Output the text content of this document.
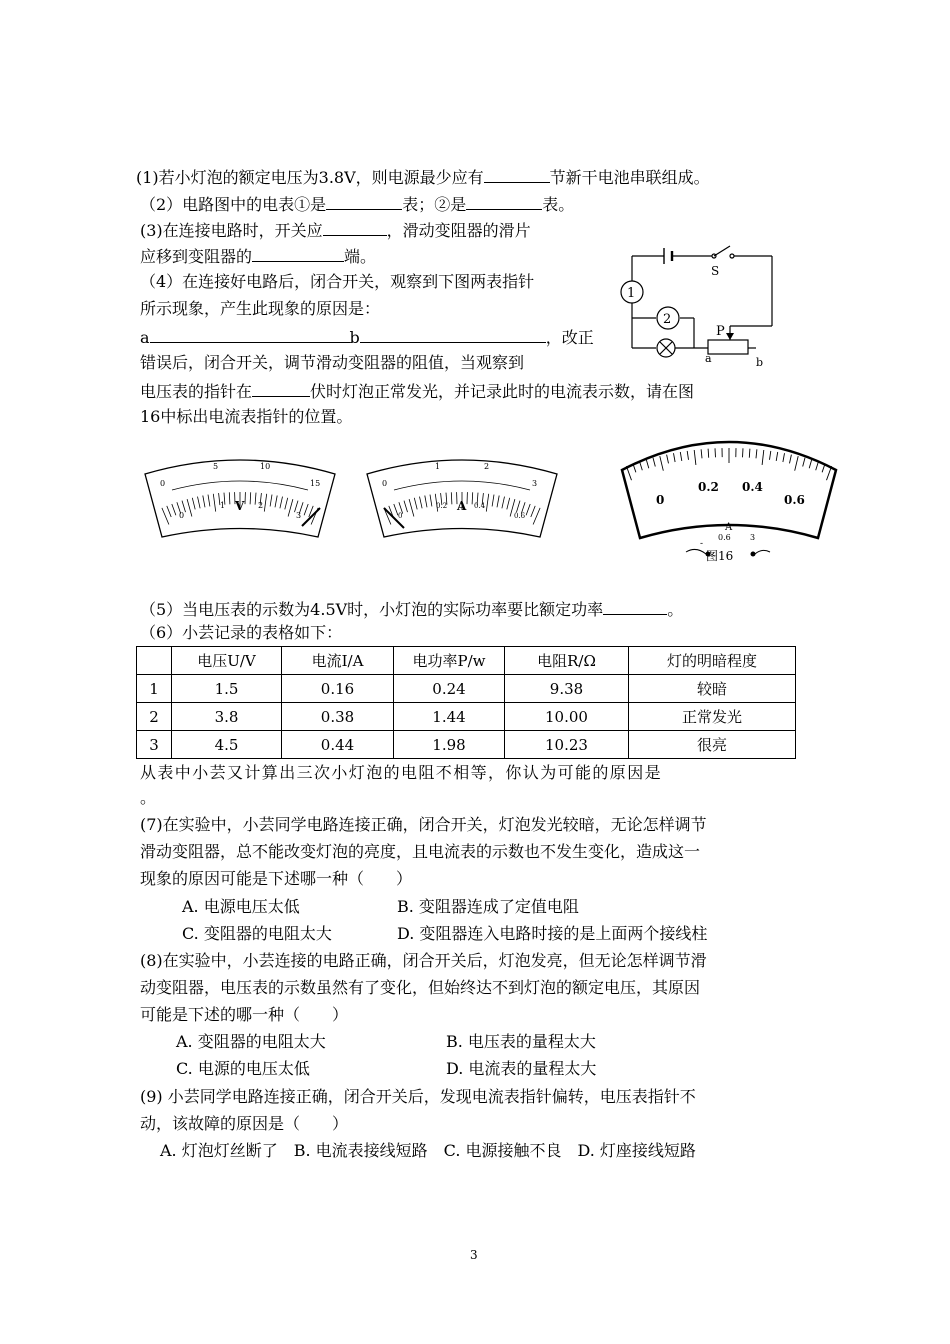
(1)若小灯泡的额定电压为3.8V，则电源最少应有	节新干电池串联组成。
（2）电路图中的电表①是	表；②是	表。
(3)在连接电路时，开关应	，滑动变阻器的滑片
应移到变阻器的	端。
（4）在连接好电路后，闭合开关，观察到下图两表指针
所示现象，产生此现象的原因是：
a	b	，改正
错误后，闭合开关，调节滑动变阻器的阻值，当观察到
电压表的指针在	伏时灯泡正常发光，并记录此时的电流表示数，请在图
16中标出电流表指针的位置。
1
2
S
P
a	b
0
5	10
15
0
1	2
3
V
0
1	2
3
0
0.2	0.4
0.6
A	0
0.2 0.4
0.6
A
-
0.6 3
图16
（5）当电压表的示数为4.5V时，小灯泡的实际功率要比额定功率	。
（6）小芸记录的表格如下：
	电压U/V	电流I/A	电功率P/w	电阻R/Ω	灯的明暗程度
1	1.5	0.16	0.24	9.38	较暗
2	3.8	0.38	1.44	10.00	正常发光
3	4.5	0.44	1.98	10.23	很亮
从表中小芸又计算出三次小灯泡的电阻不相等，你认为可能的原因是
。
(7)在实验中，小芸同学电路连接正确，闭合开关，灯泡发光较暗，无论怎样调节
滑动变阻器，总不能改变灯泡的亮度，且电流表的示数也不发生变化，造成这一
现象的原因可能是下述哪一种（　　）
A. 电源电压太低	B. 变阻器连成了定值电阻
C. 变阻器的电阻太大	D. 变阻器连入电路时接的是上面两个接线柱
(8)在实验中，小芸连接的电路正确，闭合开关后，灯泡发亮，但无论怎样调节滑
动变阻器，电压表的示数虽然有了变化，但始终达不到灯泡的额定电压，其原因
可能是下述的哪一种（　　）
A. 变阻器的电阻太大	B. 电压表的量程太大
C. 电源的电压太低	D. 电流表的量程太大
(9) 小芸同学电路连接正确，闭合开关后，发现电流表指针偏转，电压表指针不
动，该故障的原因是（　　）
A. 灯泡灯丝断了　B. 电流表接线短路　C. 电源接触不良　D. 灯座接线短路
3
